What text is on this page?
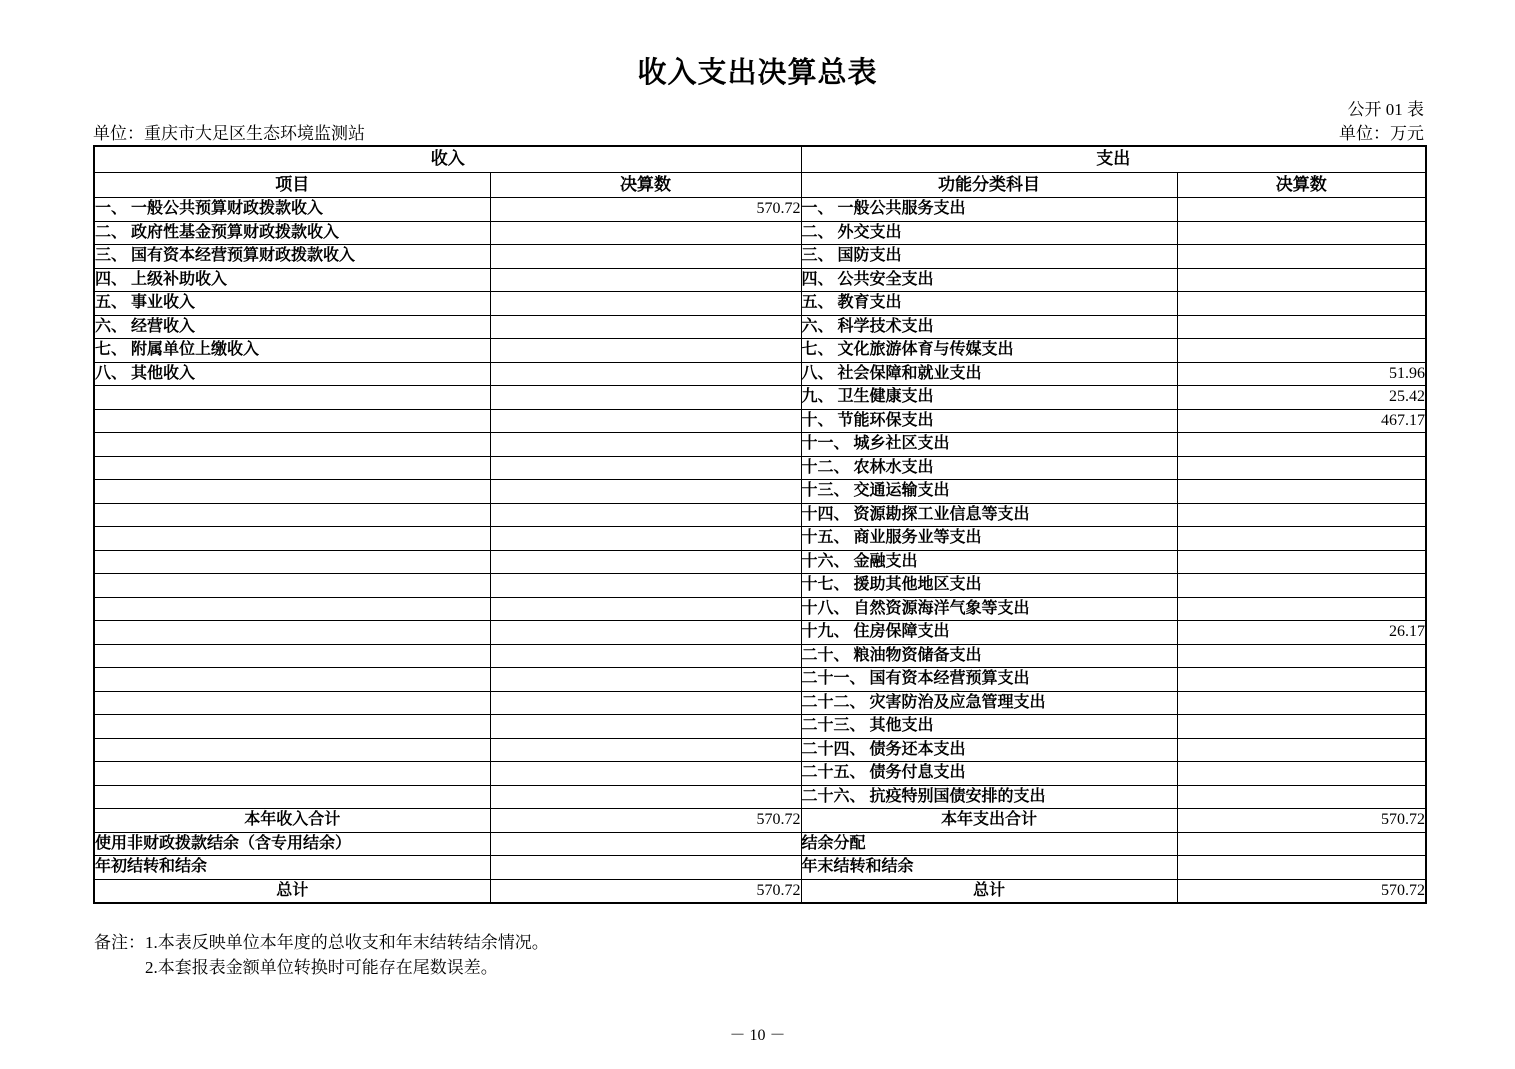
收入支出决算总表
公开 01 表
单位：重庆市大足区生态环境监测站	单位：万元
收入		支出	
项目	决算数	功能分类科目	决算数
一、 一般公共预算财政拨款收入	570.72	一、 一般公共服务支出	
二、 政府性基金预算财政拨款收入		二、 外交支出	
三、 国有资本经营预算财政拨款收入		三、 国防支出	
四、 上级补助收入		四、 公共安全支出	
五、 事业收入		五、 教育支出	
六、 经营收入		六、 科学技术支出	
七、 附属单位上缴收入		七、 文化旅游体育与传媒支出	
八、 其他收入		八、 社会保障和就业支出	51.96
		九、 卫生健康支出	25.42
		十、 节能环保支出	467.17
		十一、 城乡社区支出	
		十二、 农林水支出	
		十三、 交通运输支出	
		十四、 资源勘探工业信息等支出	
		十五、 商业服务业等支出	
		十六、 金融支出	
		十七、 援助其他地区支出	
		十八、 自然资源海洋气象等支出	
		十九、 住房保障支出	26.17
		二十、 粮油物资储备支出	
		二十一、 国有资本经营预算支出	
		二十二、 灾害防治及应急管理支出	
		二十三、 其他支出	
		二十四、 债务还本支出	
		二十五、 债务付息支出	
		二十六、 抗疫特别国债安排的支出	
本年收入合计	570.72	本年支出合计	570.72
使用非财政拨款结余（含专用结余）		结余分配	
年初结转和结余		年末结转和结余	
总计	570.72	总计	570.72
备注： 1.本表反映单位本年度的总收支和年末结转结余情况。
2.本套报表金额单位转换时可能存在尾数误差。
－ 10 －
